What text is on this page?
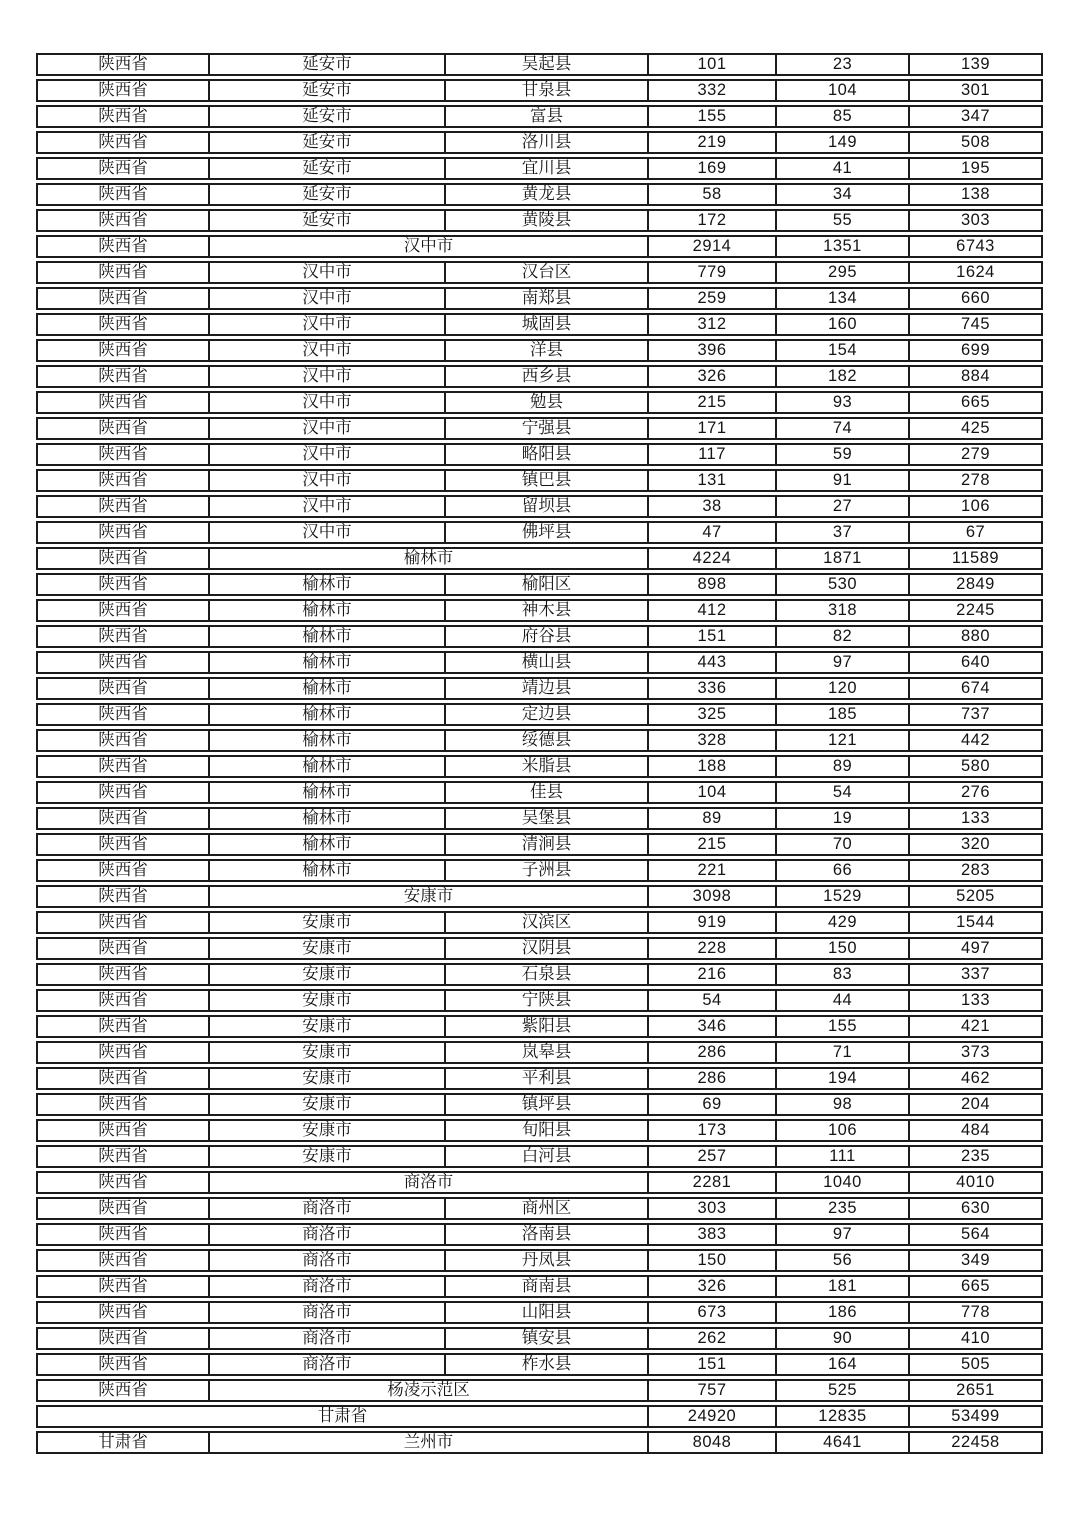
陕西省	延安市	吴起县	101	23	139
陕西省	延安市	甘泉县	332	104	301
陕西省	延安市	富县	155	85	347
陕西省	延安市	洛川县	219	149	508
陕西省	延安市	宜川县	169	41	195
陕西省	延安市	黄龙县	58	34	138
陕西省	延安市	黄陵县	172	55	303
陕西省	汉中市		2914	1351	6743
陕西省	汉中市	汉台区	779	295	1624
陕西省	汉中市	南郑县	259	134	660
陕西省	汉中市	城固县	312	160	745
陕西省	汉中市	洋县	396	154	699
陕西省	汉中市	西乡县	326	182	884
陕西省	汉中市	勉县	215	93	665
陕西省	汉中市	宁强县	171	74	425
陕西省	汉中市	略阳县	117	59	279
陕西省	汉中市	镇巴县	131	91	278
陕西省	汉中市	留坝县	38	27	106
陕西省	汉中市	佛坪县	47	37	67
陕西省	榆林市		4224	1871	11589
陕西省	榆林市	榆阳区	898	530	2849
陕西省	榆林市	神木县	412	318	2245
陕西省	榆林市	府谷县	151	82	880
陕西省	榆林市	横山县	443	97	640
陕西省	榆林市	靖边县	336	120	674
陕西省	榆林市	定边县	325	185	737
陕西省	榆林市	绥德县	328	121	442
陕西省	榆林市	米脂县	188	89	580
陕西省	榆林市	佳县	104	54	276
陕西省	榆林市	吴堡县	89	19	133
陕西省	榆林市	清涧县	215	70	320
陕西省	榆林市	子洲县	221	66	283
陕西省	安康市		3098	1529	5205
陕西省	安康市	汉滨区	919	429	1544
陕西省	安康市	汉阴县	228	150	497
陕西省	安康市	石泉县	216	83	337
陕西省	安康市	宁陕县	54	44	133
陕西省	安康市	紫阳县	346	155	421
陕西省	安康市	岚皋县	286	71	373
陕西省	安康市	平利县	286	194	462
陕西省	安康市	镇坪县	69	98	204
陕西省	安康市	旬阳县	173	106	484
陕西省	安康市	白河县	257	111	235
陕西省	商洛市		2281	1040	4010
陕西省	商洛市	商州区	303	235	630
陕西省	商洛市	洛南县	383	97	564
陕西省	商洛市	丹凤县	150	56	349
陕西省	商洛市	商南县	326	181	665
陕西省	商洛市	山阳县	673	186	778
陕西省	商洛市	镇安县	262	90	410
陕西省	商洛市	柞水县	151	164	505
陕西省	杨凌示范区		757	525	2651
甘肃省			24920	12835	53499
甘肃省	兰州市		8048	4641	22458
